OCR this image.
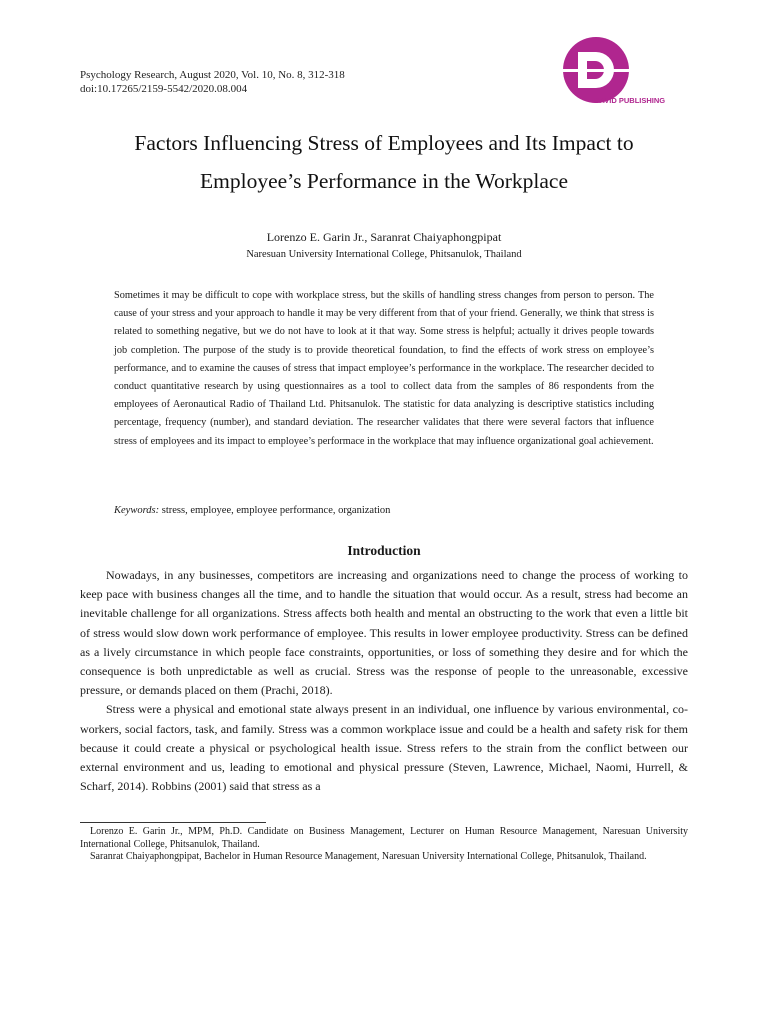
Psychology Research, August 2020, Vol. 10, No. 8, 312-318
doi:10.17265/2159-5542/2020.08.004
DAVID PUBLISHING
Factors Influencing Stress of Employees and Its Impact to
Employee’s Performance in the Workplace
Lorenzo E. Garin Jr., Saranrat Chaiyaphongpipat
Naresuan University International College, Phitsanulok, Thailand
Sometimes it may be difficult to cope with workplace stress, but the skills of handling stress changes from person to person. The cause of your stress and your approach to handle it may be very different from that of your friend. Generally, we think that stress is related to something negative, but we do not have to look at it that way. Some stress is helpful; actually it drives people towards job completion. The purpose of the study is to provide theoretical foundation, to find the effects of work stress on employee’s performance, and to examine the causes of stress that impact employee’s performance in the workplace. The researcher decided to conduct quantitative research by using questionnaires as a tool to collect data from the samples of 86 respondents from the employees of Aeronautical Radio of Thailand Ltd. Phitsanulok. The statistic for data analyzing is descriptive statistics including percentage, frequency (number), and standard deviation. The researcher validates that there were several factors that influence stress of employees and its impact to employee’s performace in the workplace that may influence organizational goal achievement.
Keywords: stress, employee, employee performance, organization
Introduction

Nowadays, in any businesses, competitors are increasing and organizations need to change the process of working to keep pace with business changes all the time, and to handle the situation that would occur. As a result, stress had become an inevitable challenge for all organizations. Stress affects both health and mental an obstructing to the work that even a little bit of stress would slow down work performance of employee. This results in lower employee productivity. Stress can be defined as a lively circumstance in which people face constraints, opportunities, or loss of something they desire and for which the consequence is both unpredictable as well as crucial. Stress was the response of people to the unreasonable, excessive pressure, or demands placed on them (Prachi, 2018).

Stress were a physical and emotional state always present in an individual, one influence by various environmental, co-workers, social factors, task, and family. Stress was a common workplace issue and could be a health and safety risk for them because it could create a physical or psychological health issue. Stress refers to the strain from the conflict between our external environment and us, leading to emotional and physical pressure (Steven, Lawrence, Michael, Naomi, Hurrell, & Scharf, 2014). Robbins (2001) said that stress as a

Lorenzo E. Garin Jr., MPM, Ph.D. Candidate on Business Management, Lecturer on Human Resource Management, Naresuan University International College, Phitsanulok, Thailand.

Saranrat Chaiyaphongpipat, Bachelor in Human Resource Management, Naresuan University International College, Phitsanulok, Thailand.
